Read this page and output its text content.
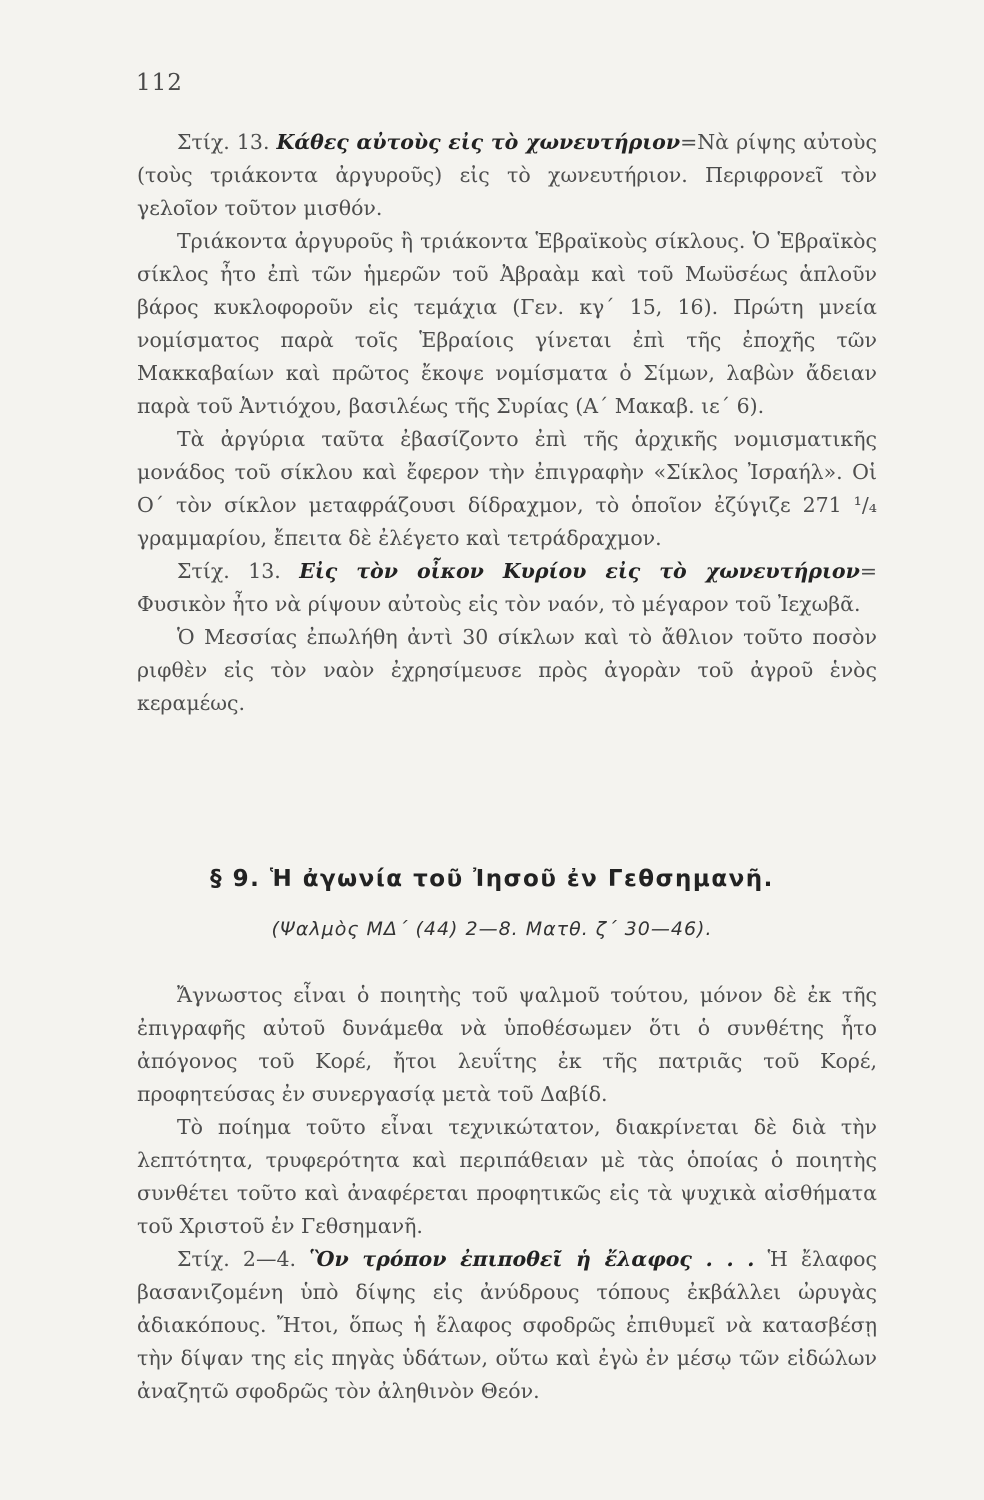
112

Στίχ. 13. Κάθες αὐτοὺς εἰς τὸ χωνευτήριον=Νὰ ρίψης αὐτοὺς (τοὺς τριάκοντα ἀργυροῦς) εἰς τὸ χωνευτήριον. Περιφρονεῖ τὸν γελοῖον τοῦτον μισθόν.

Τριάκοντα ἀργυροῦς ἢ τριάκοντα Ἑβραϊκοὺς σίκλους. Ὁ Ἑβραϊκὸς σίκλος ἦτο ἐπὶ τῶν ἡμερῶν τοῦ Ἀβραὰμ καὶ τοῦ Μωϋσέως ἁπλοῦν βάρος κυκλοφοροῦν εἰς τεμάχια (Γεν. κγ΄ 15, 16). Πρώτη μνεία νομίσματος παρὰ τοῖς Ἑβραίοις γίνεται ἐπὶ τῆς ἐποχῆς τῶν Μακκαβαίων καὶ πρῶτος ἔκοψε νομίσματα ὁ Σίμων, λαβὼν ἄδειαν παρὰ τοῦ Ἀντιόχου, βασιλέως τῆς Συρίας (Α΄ Μακαβ. ιε΄ 6).

Τὰ ἀργύρια ταῦτα ἐβασίζοντο ἐπὶ τῆς ἀρχικῆς νομισματικῆς μονάδος τοῦ σίκλου καὶ ἔφερον τὴν ἐπιγραφὴν «Σίκλος Ἰσραήλ». Οἱ Ο΄ τὸν σίκλον μεταφράζουσι δίδραχμον, τὸ ὁποῖον ἐζύγιζε 271 ¹/₄ γραμμαρίου, ἔπειτα δὲ ἐλέγετο καὶ τετράδραχμον.

Στίχ. 13. Εἰς τὸν οἶκον Κυρίου εἰς τὸ χωνευτήριον= Φυσικὸν ἦτο νὰ ρίψουν αὐτοὺς εἰς τὸν ναόν, τὸ μέγαρον τοῦ Ἰεχωβᾶ.

Ὁ Μεσσίας ἐπωλήθη ἀντὶ 30 σίκλων καὶ τὸ ἄθλιον τοῦτο ποσὸν ριφθὲν εἰς τὸν ναὸν ἐχρησίμευσε πρὸς ἀγορὰν τοῦ ἀγροῦ ἑνὸς κεραμέως.

§ 9. Ἡ ἀγωνία τοῦ Ἰησοῦ ἐν Γεθσημανῆ.
(Ψαλμὸς ΜΔ΄ (44) 2—8. Ματθ. ζ΄ 30—46).

Ἄγνωστος εἶναι ὁ ποιητὴς τοῦ ψαλμοῦ τούτου, μόνον δὲ ἐκ τῆς ἐπιγραφῆς αὐτοῦ δυνάμεθα νὰ ὑποθέσωμεν ὅτι ὁ συνθέτης ἦτο ἀπόγονος τοῦ Κορέ, ἤτοι λευΐτης ἐκ τῆς πατριᾶς τοῦ Κορέ, προφητεύσας ἐν συνεργασίᾳ μετὰ τοῦ Δαβίδ.

Τὸ ποίημα τοῦτο εἶναι τεχνικώτατον, διακρίνεται δὲ διὰ τὴν λεπτότητα, τρυφερότητα καὶ περιπάθειαν μὲ τὰς ὁποίας ὁ ποιητὴς συνθέτει τοῦτο καὶ ἀναφέρεται προφητικῶς εἰς τὰ ψυχικὰ αἰσθήματα τοῦ Χριστοῦ ἐν Γεθσημανῆ.

Στίχ. 2—4. Ὃν τρόπον ἐπιποθεῖ ἡ ἔλαφος . . . Ἡ ἔλαφος βασανιζομένη ὑπὸ δίψης εἰς ἀνύδρους τόπους ἐκβάλλει ὠρυγὰς ἀδιακόπους. Ἤτοι, ὅπως ἡ ἔλαφος σφοδρῶς ἐπιθυμεῖ νὰ κατασβέσῃ τὴν δίψαν της εἰς πηγὰς ὑδάτων, οὕτω καὶ ἐγὼ ἐν μέσῳ τῶν εἰδώλων ἀναζητῶ σφοδρῶς τὸν ἀληθινὸν Θεόν.
